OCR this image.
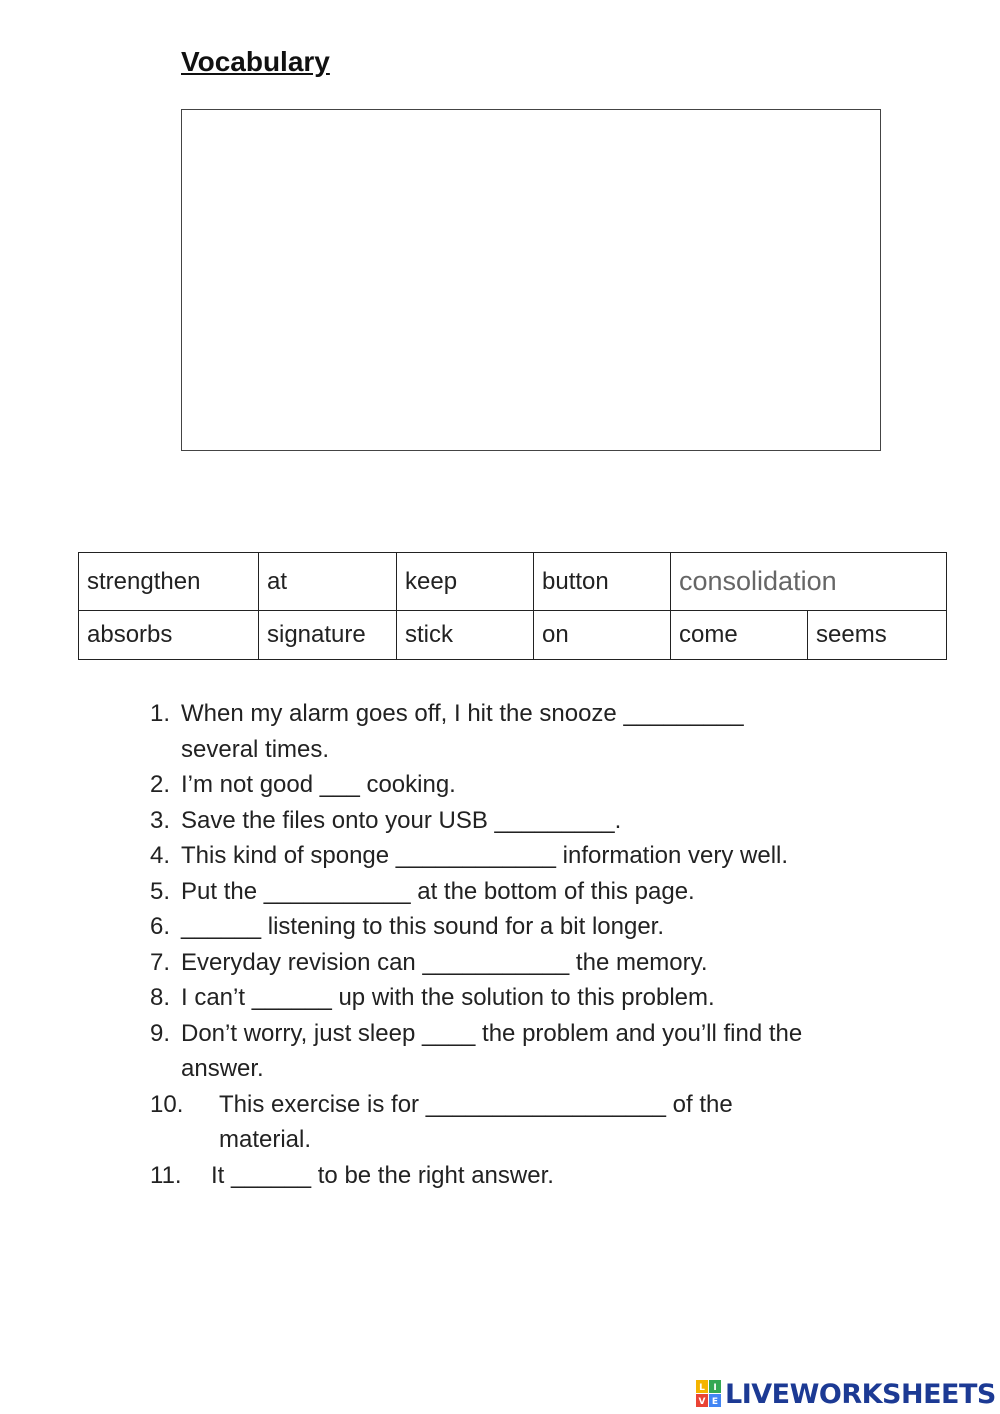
Vocabulary
strengthen	at	keep	button	consolidation	
absorbs	signature	stick	on	come	seems
1. When my alarm goes off, I hit the snooze _________ several times.
2. I’m not good ___ cooking.
3. Save the files onto your USB _________.
4. This kind of sponge ____________ information very well.
5. Put the ___________ at the bottom of this page.
6. ______ listening to this sound for a bit longer.
7. Everyday revision can ___________ the memory.
8. I can’t ______ up with the solution to this problem.
9. Don’t worry, just sleep ____ the problem and you’ll find the answer.
10.	This exercise is for __________________ of the material.
11.	It ______ to be the right answer.
L I
V E LIVEWORKSHEETS
